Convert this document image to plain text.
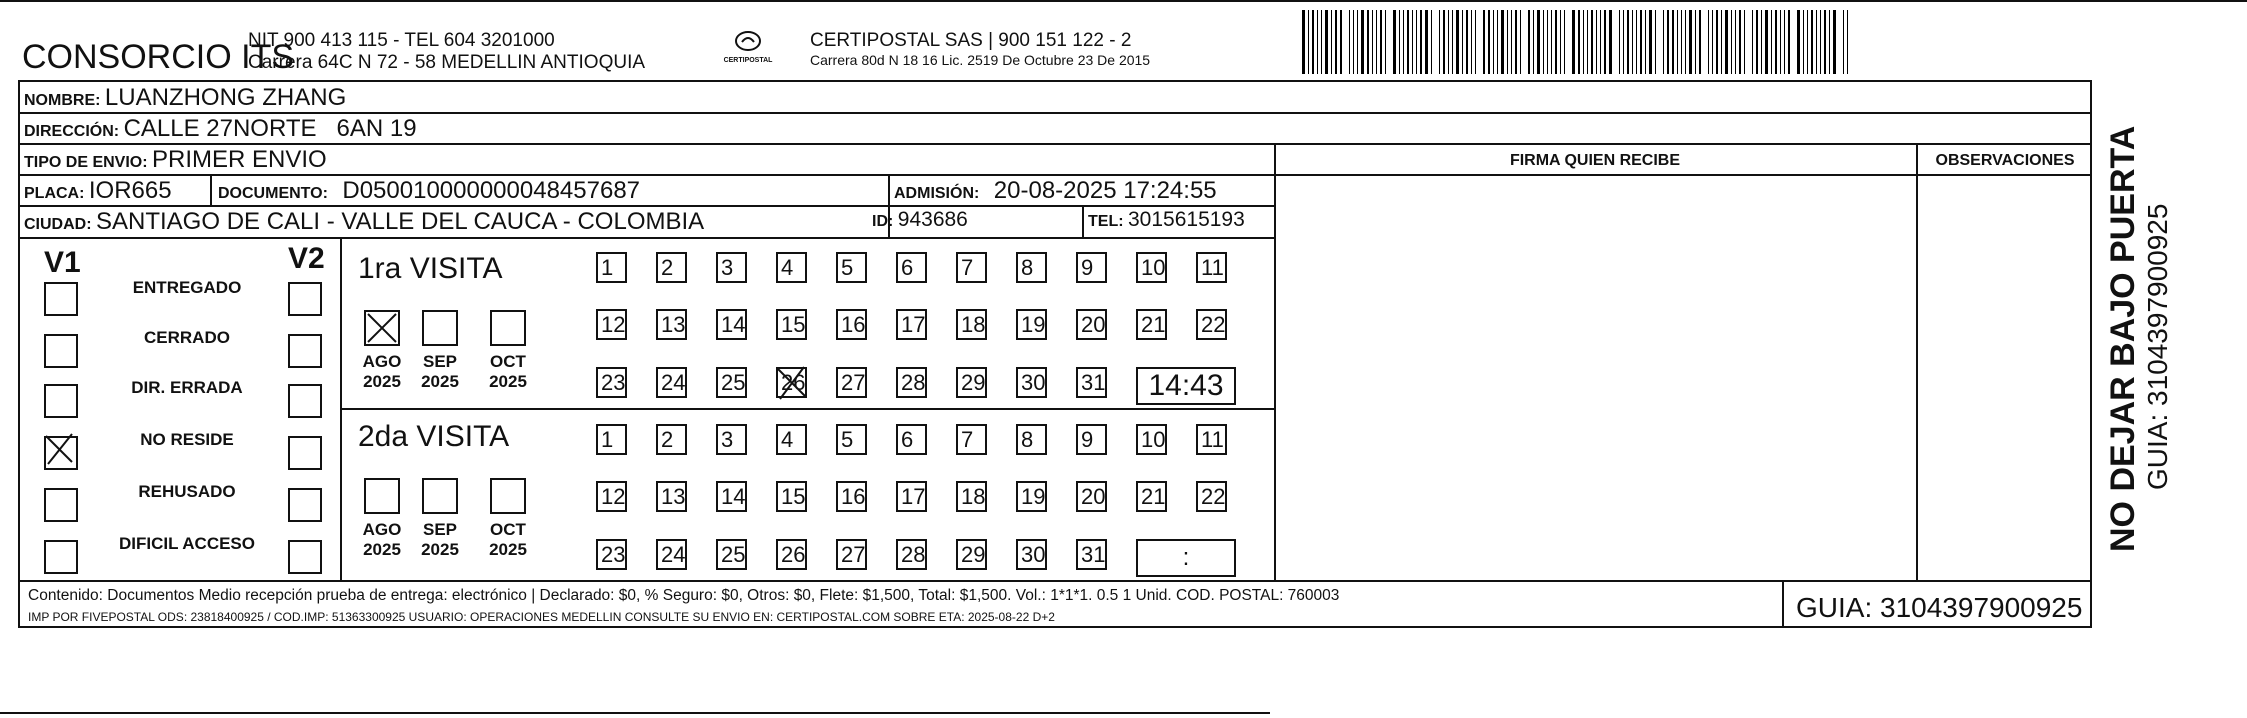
CONSORCIO ITS
NIT 900 413 115 - TEL 604 3201000
Carrera 64C N 72 - 58 MEDELLIN ANTIOQUIA	CERTIPOSTAL
CERTIPOSTAL SAS | 900 151 122 - 2
Carrera 80d N 18 16 Lic. 2519 De Octubre 23 De 2015
NOMBRE: LUANZHONG ZHANG
DIRECCIÓN: CALLE 27NORTE   6AN 19
TIPO DE ENVIO: PRIMER ENVIO
PLACA: IOR665	DOCUMENTO: D050010000000048457687	ADMISIÓN: 20-08-2025 17:24:55
CIUDAD: SANTIAGO DE CALI - VALLE DEL CAUCA - COLOMBIA	ID: 943686	TEL: 3015615193
FIRMA QUIEN RECIBE	OBSERVACIONES
V1	V2
ENTREGADO
CERRADO
DIR. ERRADA
NO RESIDE
REHUSADO
DIFICIL ACCESO
1ra VISITA
2da VISITA
1	2	3	4	5	6	7	8	9	10 11
12 13 14 15 16 17 18 19 20 21 22
23 24 25 26 27 28 29 30 31	14:43
1	2	3	4	5	6	7	8	9	10 11
12 13 14 15 16 17 18 19 20 21 22
23 24 25 26 27 28 29 30 31	:
AGO
2025
SEP
2025
OCT
2025
AGO
2025
SEP
2025
OCT
2025
Contenido: Documentos Medio recepción prueba de entrega: electrónico | Declarado: $0, % Seguro: $0, Otros: $0, Flete: $1,500, Total: $1,500. Vol.: 1*1*1. 0.5 1 Unid. COD. POSTAL: 760003
IMP POR FIVEPOSTAL ODS: 23818400925 / COD.IMP: 51363300925 USUARIO: OPERACIONES MEDELLIN CONSULTE SU ENVIO EN: CERTIPOSTAL.COM SOBRE ETA: 2025-08-22 D+2	GUIA: 3104397900925
NO DEJAR BAJO PUERTA GUIA: 3104397900925
